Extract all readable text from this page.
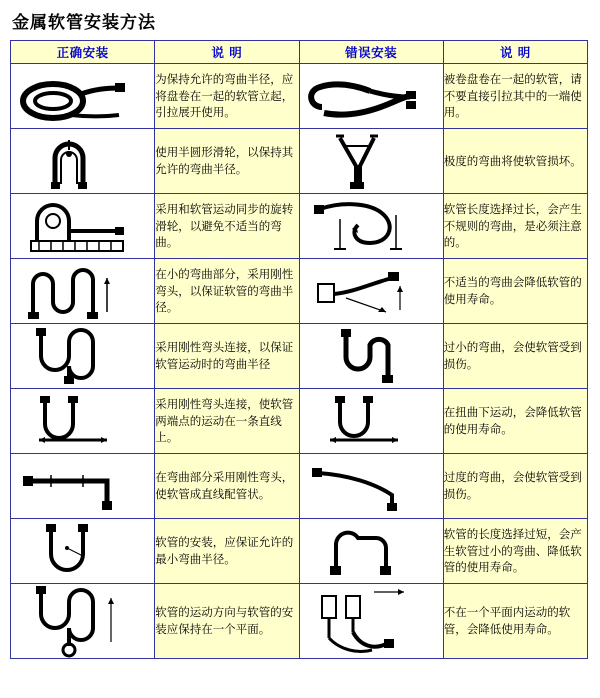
金属软管安装方法
正确安装	说 明	错误安装	说 明

	为保持允许的弯曲半径，应将盘卷在一起的软管立起，引拉展开使用。		被卷盘卷在一起的软管，请不要直接引拉其中的一端使用。

	使用半圆形滑轮，以保持其允许的弯曲半径。		极度的弯曲将使软管损坏。

	采用和软管运动同步的旋转滑轮，以避免不适当的弯曲。		软管长度选择过长，会产生不规则的弯曲，是必须注意的。

	在小的弯曲部分，采用刚性弯头，以保证软管的弯曲半径。		不适当的弯曲会降低软管的使用寿命。

	采用刚性弯头连接，以保证软管运动时的弯曲半径		过小的弯曲，会使软管受到损伤。

	采用刚性弯头连接，使软管两端点的运动在一条直线上。		在扭曲下运动，会降低软管的使用寿命。

	在弯曲部分采用刚性弯头，使软管成直线配管状。		过度的弯曲，会使软管受到损伤。

	软管的安装，应保证允许的最小弯曲半径。		软管的长度选择过短，会产生软管过小的弯曲、降低软管的使用寿命。

	软管的运动方向与软管的安装应保持在一个平面。		不在一个平面内运动的软管，会降低使用寿命。
